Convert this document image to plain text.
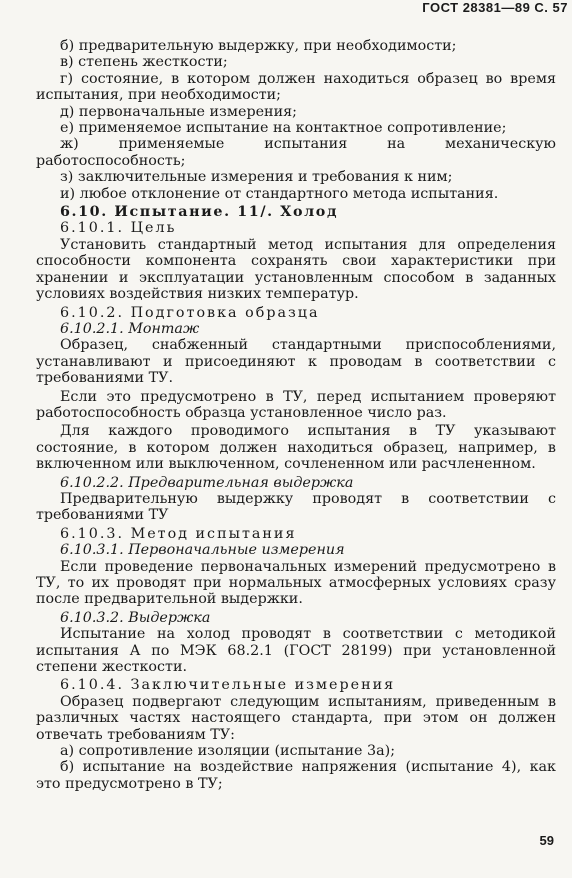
ГОСТ 28381—89 С. 57

б) предварительную выдержку, при необходимости;

в) степень жесткости;

г) состояние, в котором должен находиться образец во время испытания, при необходимости;

д) первоначальные измерения;

е) применяемое испытание на контактное сопротивление;

ж) применяемые испытания на механическую работоспособность;

з) заключительные измерения и требования к ним;

и) любое отклонение от стандартного метода испытания.

6.10. Испытание. 11/. Холод

6.10.1. Цель

Установить стандартный метод испытания для определения способности компонента сохранять свои характеристики при хранении и эксплуатации установленным способом в заданных условиях воздействия низких температур.

6.10.2. Подготовка образца

6.10.2.1. Монтаж

Образец, снабженный стандартными приспособлениями, устанавливают и присоединяют к проводам в соответствии с требованиями ТУ.

Если это предусмотрено в ТУ, перед испытанием проверяют работоспособность образца установленное число раз.

Для каждого проводимого испытания в ТУ указывают состояние, в котором должен находиться образец, например, в включенном или выключенном, сочлененном или расчлененном.

6.10.2.2. Предварительная выдержка

Предварительную выдержку проводят в соответствии с требованиями ТУ

6.10.3. Метод испытания

6.10.3.1. Первоначальные измерения

Если проведение первоначальных измерений предусмотрено в ТУ, то их проводят при нормальных атмосферных условиях сразу после предварительной выдержки.

6.10.3.2. Выдержка

Испытание на холод проводят в соответствии с методикой испытания А по МЭК 68.2.1 (ГОСТ 28199) при установленной степени жесткости.

6.10.4. Заключительные измерения

Образец подвергают следующим испытаниям, приведенным в различных частях настоящего стандарта, при этом он должен отвечать требованиям ТУ:

а) сопротивление изоляции (испытание 3а);

б) испытание на воздействие напряжения (испытание 4), как это предусмотрено в ТУ;

59
